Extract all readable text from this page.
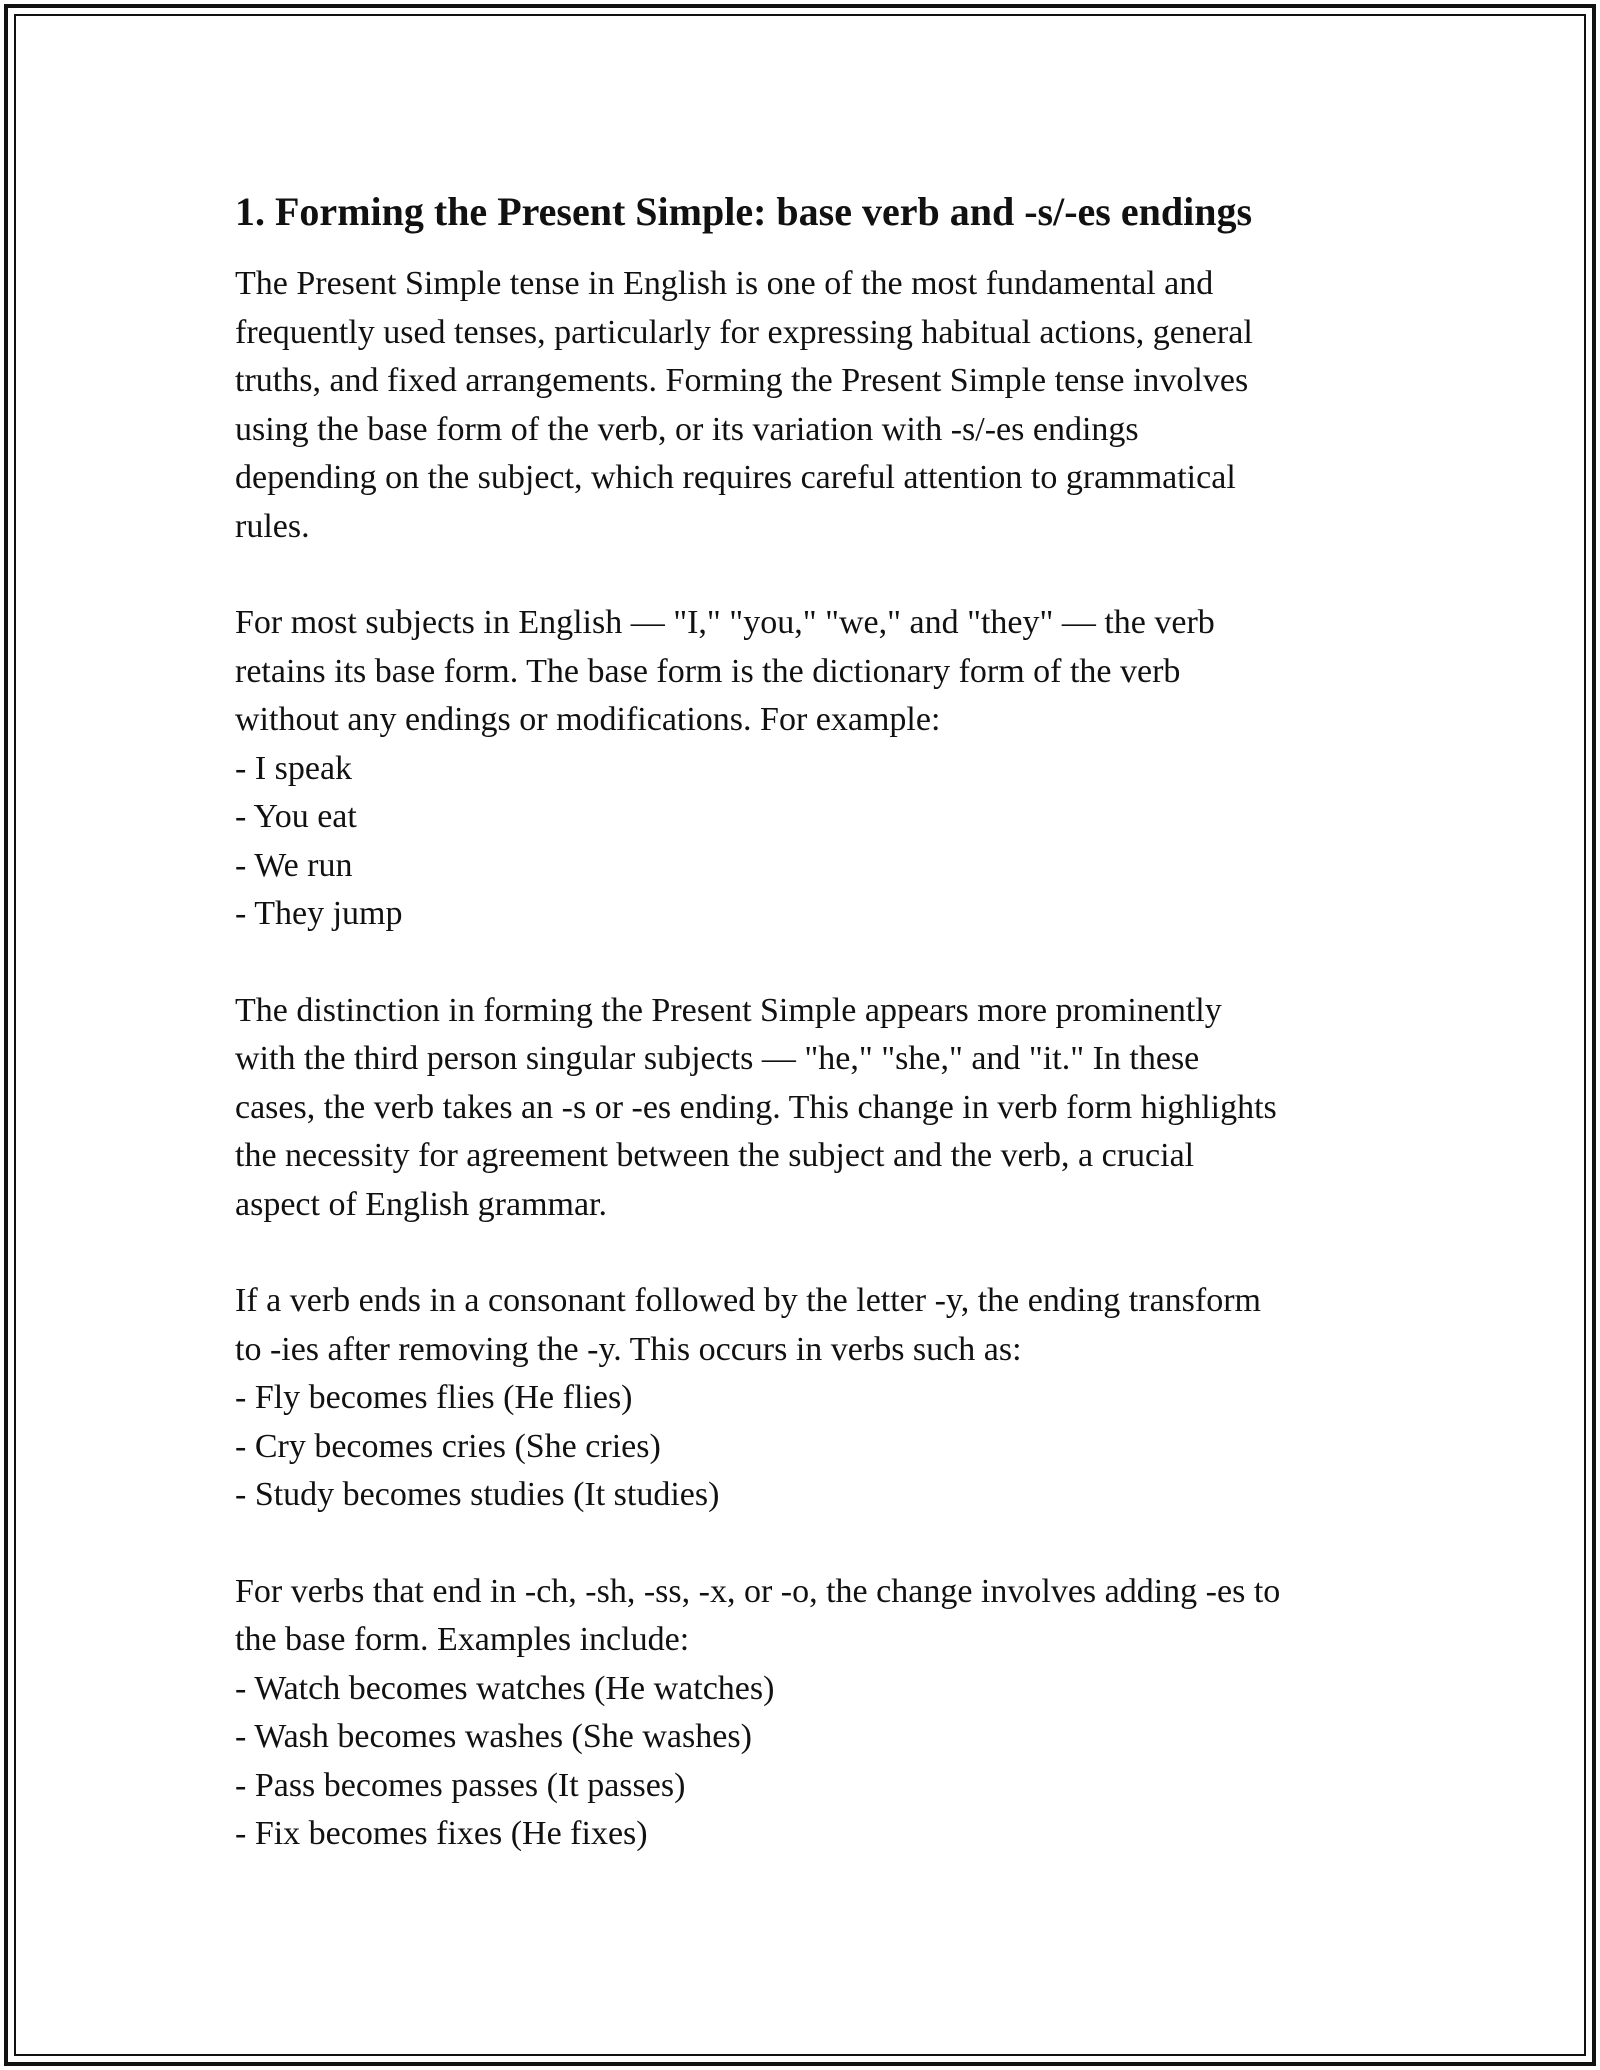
1. Forming the Present Simple: base verb and -s/-es endings

The Present Simple tense in English is one of the most fundamental and
frequently used tenses, particularly for expressing habitual actions, general
truths, and fixed arrangements. Forming the Present Simple tense involves
using the base form of the verb, or its variation with -s/-es endings
depending on the subject, which requires careful attention to grammatical
rules.

For most subjects in English — "I," "you," "we," and "they" — the verb
retains its base form. The base form is the dictionary form of the verb
without any endings or modifications. For example:
- I speak
- You eat
- We run
- They jump

The distinction in forming the Present Simple appears more prominently
with the third person singular subjects — "he," "she," and "it." In these
cases, the verb takes an -s or -es ending. This change in verb form highlights
the necessity for agreement between the subject and the verb, a crucial
aspect of English grammar.

If a verb ends in a consonant followed by the letter -y, the ending transform
to -ies after removing the -y. This occurs in verbs such as:
- Fly becomes flies (He flies)
- Cry becomes cries (She cries)
- Study becomes studies (It studies)

For verbs that end in -ch, -sh, -ss, -x, or -o, the change involves adding -es to
the base form. Examples include:
- Watch becomes watches (He watches)
- Wash becomes washes (She washes)
- Pass becomes passes (It passes)
- Fix becomes fixes (He fixes)
